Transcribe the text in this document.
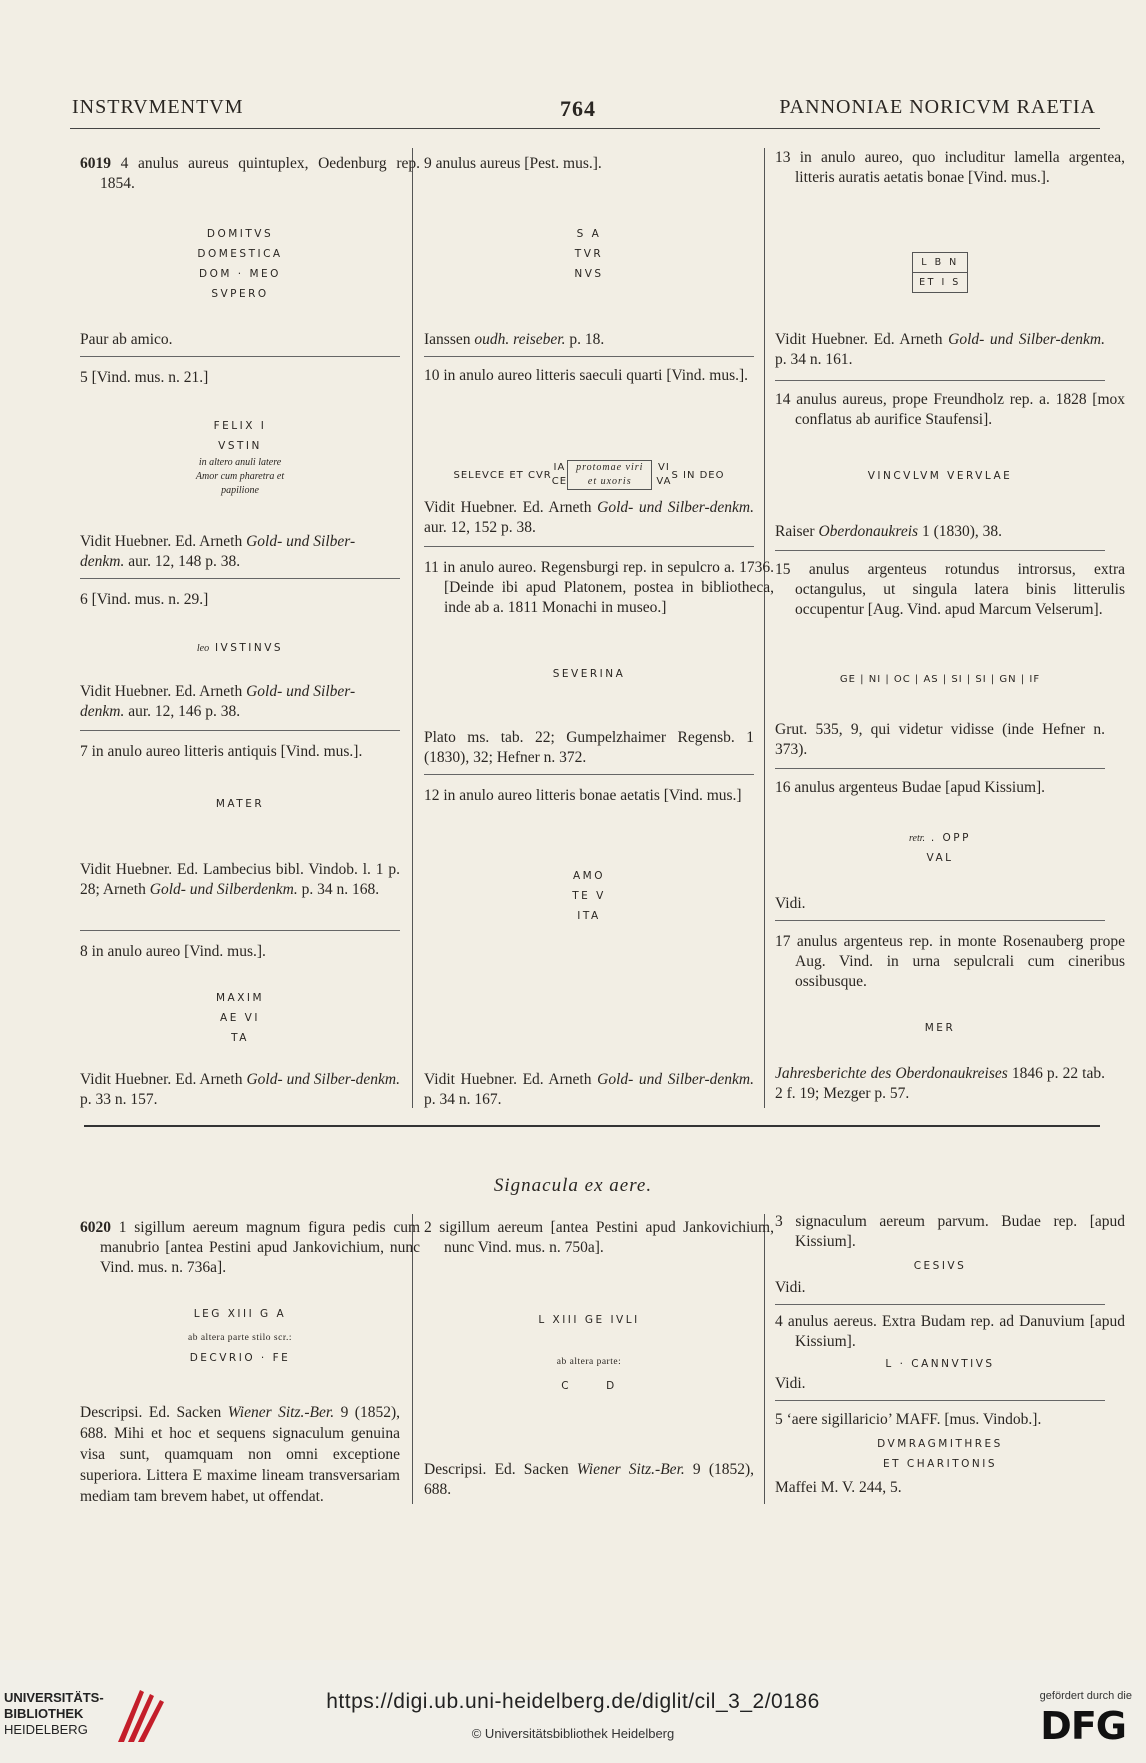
INSTRVMENTVM	764	PANNONIAE NORICVM RAETIA
6019 4 anulus aureus quintuplex, Oedenburg rep. 1854.
DOMITVS
DOMESTICA
DOM · MEO
SVPERO
Paur ab amico.
5 [Vind. mus. n. 21.]
FELIX I
VSTIN
in altero anuli latere
Amor cum pharetra et
papilione
Vidit Huebner. Ed. Arneth Gold- und Silber-
denkm. aur. 12, 148 p. 38.
6 [Vind. mus. n. 29.]
leo IVSTINVS
Vidit Huebner. Ed. Arneth Gold- und Silber-
denkm. aur. 12, 146 p. 38.
7 in anulo aureo litteris antiquis [Vind. mus.].
MATER
Vidit Huebner. Ed. Lambecius bibl. Vindob. l. 1 p. 28; Arneth Gold- und Silberdenkm. p. 34 n. 168.
8 in anulo aureo [Vind. mus.].
MAXIM
AE VI
TA
Vidit Huebner. Ed. Arneth Gold- und Silber-denkm. p. 33 n. 157.
9 anulus aureus [Pest. mus.].
S A
TVR
NVS
Ianssen oudh. reiseber. p. 18.
10 in anulo aureo litteris saeculi quarti [Vind. mus.].
SELEVCE ET CVR
IA
CE

protomae viri
et uxoris

VI
VA
S IN DEO
Vidit Huebner. Ed. Arneth Gold- und Silber-denkm. aur. 12, 152 p. 38.
11 in anulo aureo. Regensburgi rep. in sepulcro a. 1736. [Deinde ibi apud Platonem, postea in bibliotheca, inde ab a. 1811 Monachi in museo.]
SEVERINA
Plato ms. tab. 22; Gumpelzhaimer Regensb. 1 (1830), 32; Hefner n. 372.
12 in anulo aureo litteris bonae aetatis [Vind. mus.]
AMO
TE V
ITA
Vidit Huebner. Ed. Arneth Gold- und Silber-denkm. p. 34 n. 167.
13 in anulo aureo, quo includitur lamella argentea, litteris auratis aetatis bonae [Vind. mus.].
L B N
ET I S
Vidit Huebner. Ed. Arneth Gold- und Silber-denkm. p. 34 n. 161.
14 anulus aureus, prope Freundholz rep. a. 1828 [mox conflatus ab aurifice Staufensi].
VINCVLVM VERVLAE
Raiser Oberdonaukreis 1 (1830), 38.
15 anulus argenteus rotundus introrsus, extra octangulus, ut singula latera binis litterulis occupentur [Aug. Vind. apud Marcum Velserum].
GE | NI | OC | AS | SI | SI | GN | IF
Grut. 535, 9, qui videtur vidisse (inde Hefner n. 373).
16 anulus argenteus Budae [apud Kissium].
retr. . OPP
VAL
Vidi.
17 anulus argenteus rep. in monte Rosenauberg prope Aug. Vind. in urna sepulcrali cum cineribus ossibusque.
MER
Jahresberichte des Oberdonaukreises 1846 p. 22 tab. 2 f. 19; Mezger p. 57.
Signacula ex aere.
6020 1 sigillum aereum magnum figura pedis cum manubrio [antea Pestini apud Jankovichium, nunc Vind. mus. n. 736a].
LEG XIII G A
ab altera parte stilo scr.:
DECVRIO · FE
Descripsi. Ed. Sacken Wiener Sitz.-Ber. 9 (1852), 688. Mihi et hoc et sequens signaculum genuina visa sunt, quamquam non omni exceptione superiora. Littera E maxime lineam transversariam mediam tam brevem habet, ut offendat.
2 sigillum aereum [antea Pestini apud Jankovichium, nunc Vind. mus. n. 750a].
L XIII GE IVLI
ab altera parte:
C      D
Descripsi. Ed. Sacken Wiener Sitz.-Ber. 9 (1852), 688.
3 signaculum aereum parvum. Budae rep. [apud Kissium].
CESIVS
Vidi.
4 anulus aereus. Extra Budam rep. ad Danuvium [apud Kissium].
L · CANNVTIVS
Vidi.
5 ‘aere sigillaricio’ MAFF. [mus. Vindob.].
DVMRAGMITHRES
ET CHARITONIS
Maffei M. V. 244, 5.
UNIVERSITÄTS-
BIBLIOTHEK
HEIDELBERG
https://digi.ub.uni-heidelberg.de/diglit/cil_3_2/0186
© Universitätsbibliothek Heidelberg
gefördert durch die
DFG
